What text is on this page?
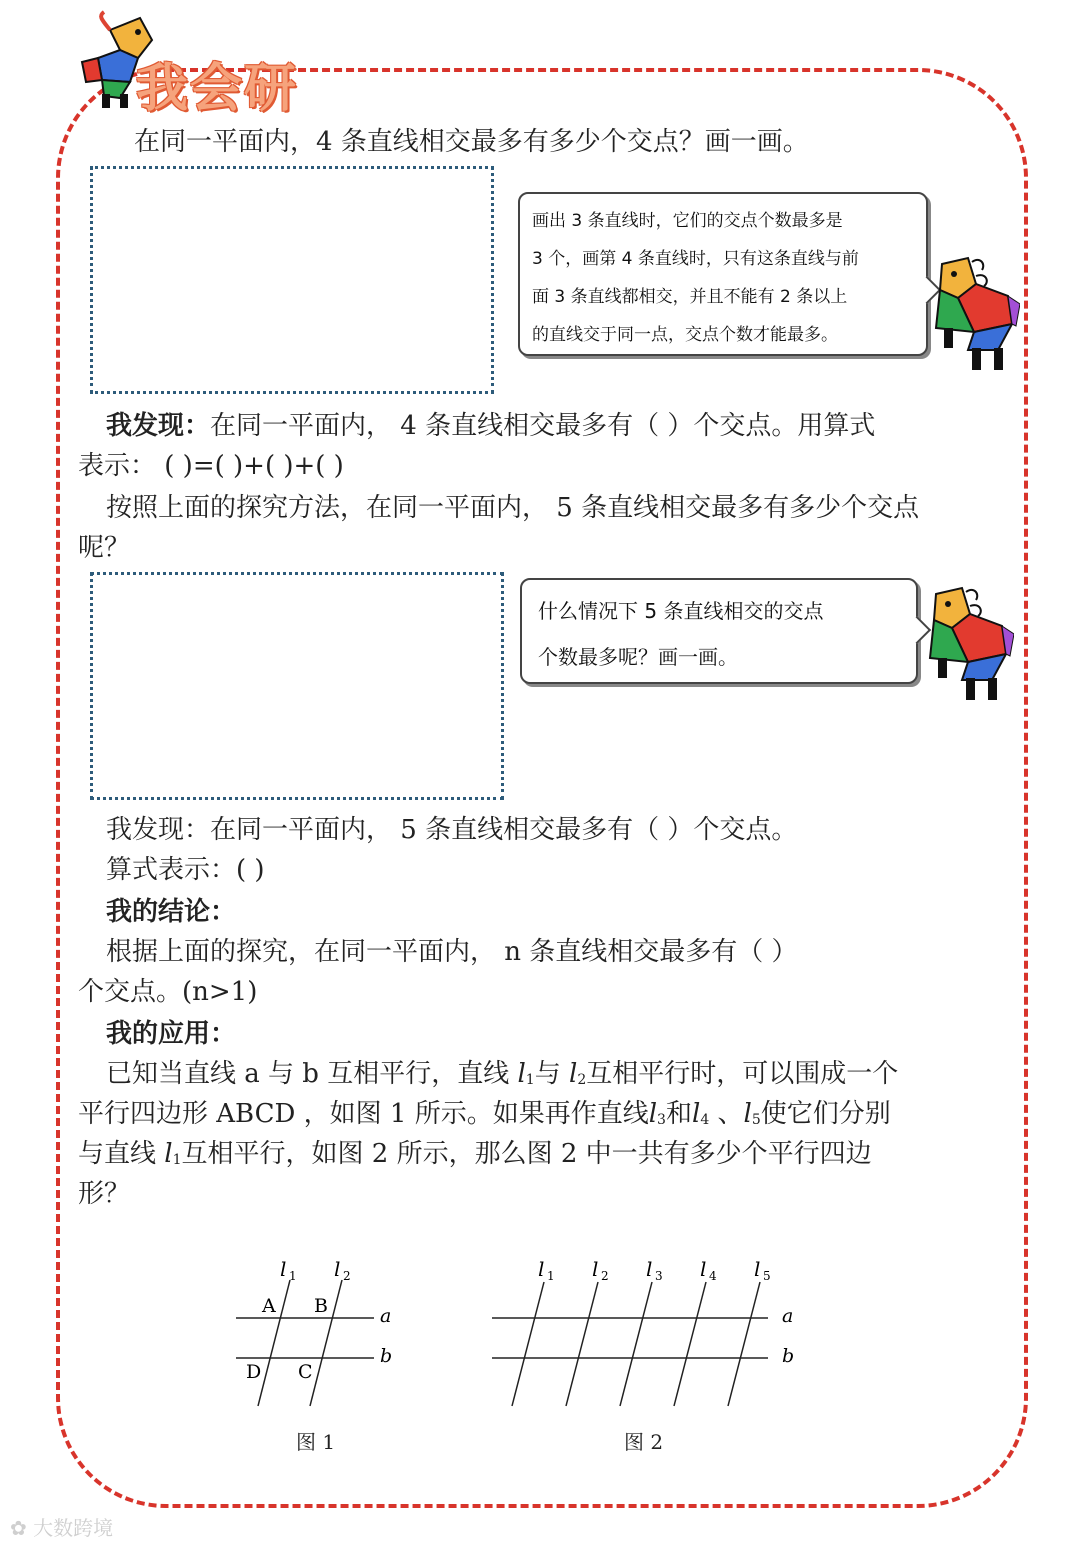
我会研
在同一平面内，4 条直线相交最多有多少个交点？画一画。
画出 3 条直线时，它们的交点个数最多是
3 个，画第 4 条直线时，只有这条直线与前
面 3 条直线都相交，并且不能有 2 条以上
的直线交于同一点，交点个数才能最多。
我发现：在同一平面内， 4 条直线相交最多有（ ）个交点。用算式
表示： ( )=( )+( )+( )
按照上面的探究方法，在同一平面内， 5 条直线相交最多有多少个交点
呢？
什么情况下 5 条直线相交的交点
个数最多呢？画一画。
我发现：在同一平面内， 5 条直线相交最多有（ ）个交点。
算式表示：( )
我的结论：
根据上面的探究，在同一平面内， n 条直线相交最多有（ ）
个交点。(n>1)
我的应用：
已知当直线 a 与 b 互相平行，直线 l1与 l2互相平行时，可以围成一个
平行四边形 ABCD ，如图 1 所示。如果再作直线l3和l4 、l5使它们分别
与直线 l1互相平行，如图 2 所示，那么图 2 中一共有多少个平行四边
形？
l 1 l 2
A B
D C
a
b
图 1
l 1 l 2 l 3 l 4 l 5
a
b
图 2
✿ 大数跨境
